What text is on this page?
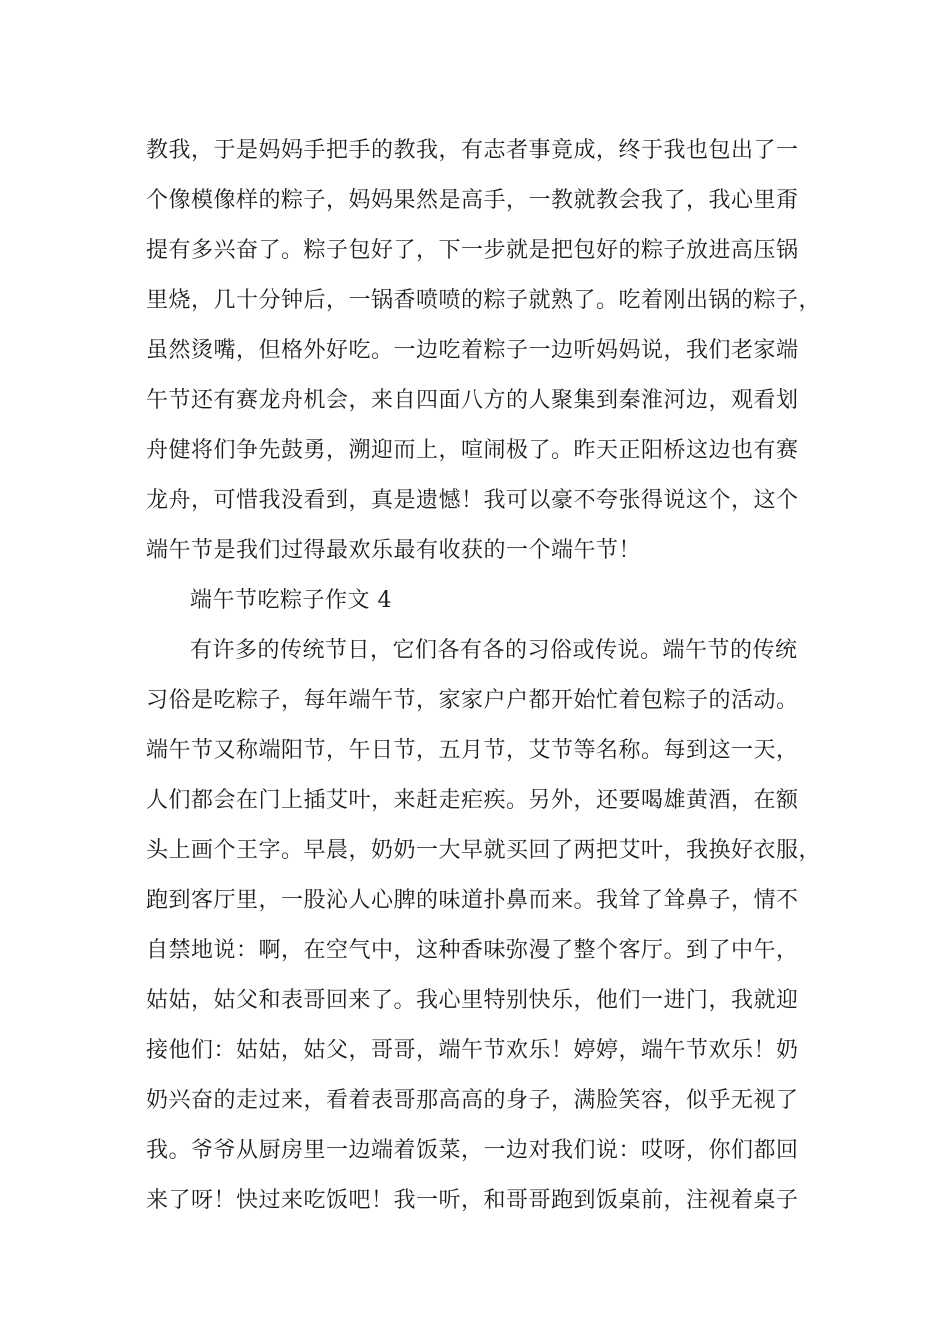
教我，于是妈妈手把手的教我，有志者事竟成，终于我也包出了一
个像模像样的粽子，妈妈果然是高手，一教就教会我了，我心里甭
提有多兴奋了。粽子包好了，下一步就是把包好的粽子放进高压锅
里烧，几十分钟后，一锅香喷喷的粽子就熟了。吃着刚出锅的粽子，
虽然烫嘴，但格外好吃。一边吃着粽子一边听妈妈说，我们老家端
午节还有赛龙舟机会，来自四面八方的人聚集到秦淮河边，观看划
舟健将们争先鼓勇，溯迎而上，喧闹极了。昨天正阳桥这边也有赛
龙舟，可惜我没看到，真是遗憾！我可以豪不夸张得说这个，这个
端午节是我们过得最欢乐最有收获的一个端午节！
端午节吃粽子作文 4
有许多的传统节日，它们各有各的习俗或传说。端午节的传统
习俗是吃粽子，每年端午节，家家户户都开始忙着包粽子的活动。
端午节又称端阳节，午日节，五月节，艾节等名称。每到这一天，
人们都会在门上插艾叶，来赶走疟疾。另外，还要喝雄黄酒，在额
头上画个王字。早晨，奶奶一大早就买回了两把艾叶，我换好衣服，
跑到客厅里，一股沁人心脾的味道扑鼻而来。我耸了耸鼻子，情不
自禁地说：啊，在空气中，这种香味弥漫了整个客厅。到了中午，
姑姑，姑父和表哥回来了。我心里特别快乐，他们一进门，我就迎
接他们：姑姑，姑父，哥哥，端午节欢乐！婷婷，端午节欢乐！奶
奶兴奋的走过来，看着表哥那高高的身子，满脸笑容，似乎无视了
我。爷爷从厨房里一边端着饭菜，一边对我们说：哎呀，你们都回
来了呀！快过来吃饭吧！我一听，和哥哥跑到饭桌前，注视着桌子
